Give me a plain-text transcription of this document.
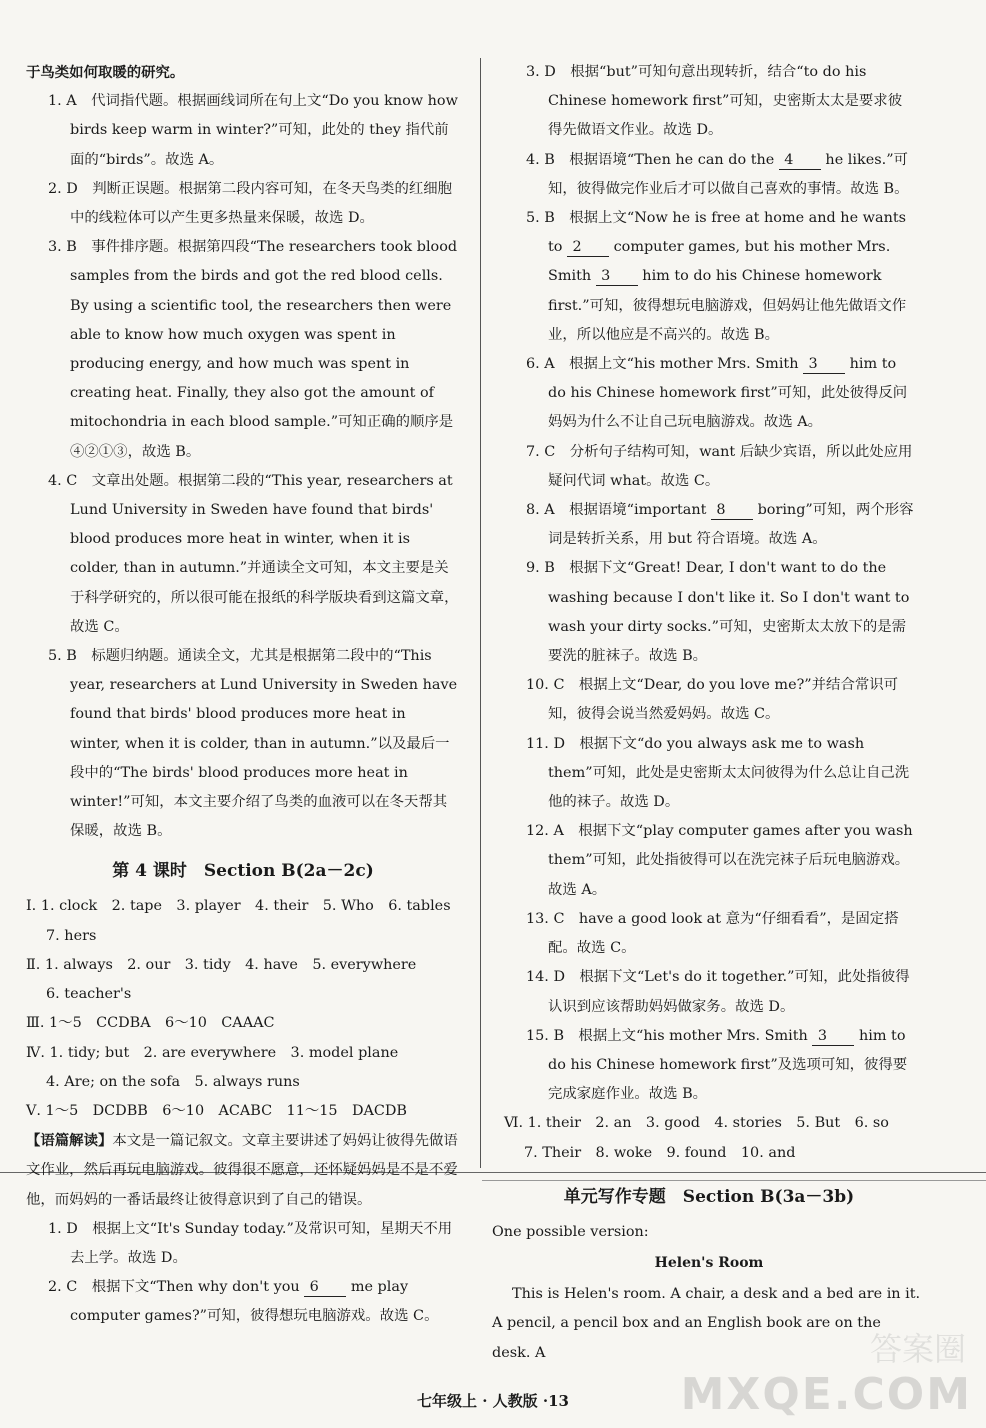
于鸟类如何取暖的研究。

1. A　代词指代题。根据画线词所在句上文“Do you know how birds keep warm in winter?”可知，此处的 they 指代前面的“birds”。故选 A。

2. D　判断正误题。根据第二段内容可知，在冬天鸟类的红细胞中的线粒体可以产生更多热量来保暖，故选 D。

3. B　事件排序题。根据第四段“The researchers took blood samples from the birds and got the red blood cells. By using a scientific tool, the researchers then were able to know how much oxygen was spent in producing energy, and how much was spent in creating heat. Finally, they also got the amount of mitochondria in each blood sample.”可知正确的顺序是④②①③，故选 B。

4. C　文章出处题。根据第二段的“This year, researchers at Lund University in Sweden have found that birds' blood produces more heat in winter, when it is colder, than in autumn.”并通读全文可知，本文主要是关于科学研究的，所以很可能在报纸的科学版块看到这篇文章，故选 C。

5. B　标题归纳题。通读全文，尤其是根据第二段中的“This year, researchers at Lund University in Sweden have found that birds' blood produces more heat in winter, when it is colder, than in autumn.”以及最后一段中的“The birds' blood produces more heat in winter!”可知，本文主要介绍了鸟类的血液可以在冬天帮其保暖，故选 B。

第 4 课时　Section B(2a－2c)

Ⅰ. 1. clock　2. tape　3. player　4. their　5. Who　6. tables

7. hers

Ⅱ. 1. always　2. our　3. tidy　4. have　5. everywhere

6. teacher's

Ⅲ. 1～5　CCDBA　6～10　CAAAC

Ⅳ. 1. tidy; but　2. are everywhere　3. model plane

4. Are; on the sofa　5. always runs

Ⅴ. 1～5　DCDBB　6～10　ACABC　11～15　DACDB

【语篇解读】本文是一篇记叙文。文章主要讲述了妈妈让彼得先做语文作业，然后再玩电脑游戏。彼得很不愿意，还怀疑妈妈是不是不爱他，而妈妈的一番话最终让彼得意识到了自己的错误。

1. D　根据上文“It's Sunday today.”及常识可知，星期天不用去上学。故选 D。

2. C　根据下文“Then why don't you 6 me play computer games?”可知，彼得想玩电脑游戏。故选 C。

3. D　根据“but”可知句意出现转折，结合“to do his Chinese homework first”可知，史密斯太太是要求彼得先做语文作业。故选 D。

4. B　根据语境“Then he can do the 4 he likes.”可知，彼得做完作业后才可以做自己喜欢的事情。故选 B。

5. B　根据上文“Now he is free at home and he wants to 2 computer games, but his mother Mrs. Smith 3 him to do his Chinese homework first.”可知，彼得想玩电脑游戏，但妈妈让他先做语文作业，所以他应是不高兴的。故选 B。

6. A　根据上文“his mother Mrs. Smith 3 him to do his Chinese homework first”可知，此处彼得反问妈妈为什么不让自己玩电脑游戏。故选 A。

7. C　分析句子结构可知，want 后缺少宾语，所以此处应用疑问代词 what。故选 C。

8. A　根据语境“important 8 boring”可知，两个形容词是转折关系，用 but 符合语境。故选 A。

9. B　根据下文“Great! Dear, I don't want to do the washing because I don't like it. So I don't want to wash your dirty socks.”可知，史密斯太太放下的是需要洗的脏袜子。故选 B。

10. C　根据上文“Dear, do you love me?”并结合常识可知，彼得会说当然爱妈妈。故选 C。

11. D　根据下文“do you always ask me to wash them”可知，此处是史密斯太太问彼得为什么总让自己洗他的袜子。故选 D。

12. A　根据下文“play computer games after you wash them”可知，此处指彼得可以在洗完袜子后玩电脑游戏。故选 A。

13. C　have a good look at 意为“仔细看看”，是固定搭配。故选 C。

14. D　根据下文“Let's do it together.”可知，此处指彼得认识到应该帮助妈妈做家务。故选 D。

15. B　根据上文“his mother Mrs. Smith 3 him to do his Chinese homework first”及选项可知，彼得要完成家庭作业。故选 B。

Ⅵ. 1. their　2. an　3. good　4. stories　5. But　6. so

7. Their　8. woke　9. found　10. and

单元写作专题　Section B(3a－3b)

One possible version:

Helen's Room

This is Helen's room. A chair, a desk and a bed are in it. A pencil, a pencil box and an English book are on the desk. A

七年级上 · 人教版 ·13
答案圈
MXQE.COM
